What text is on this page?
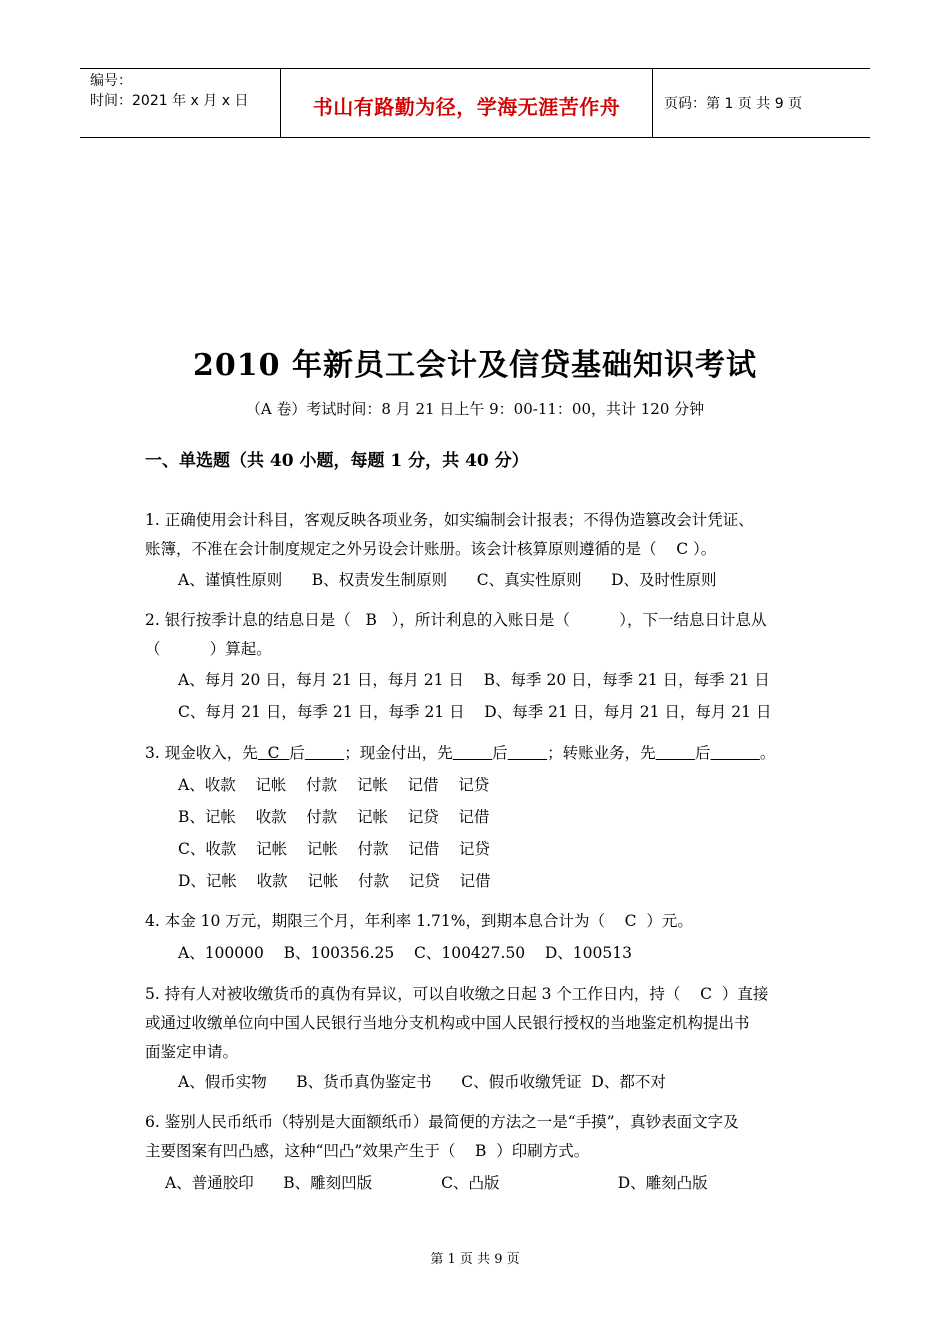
编号：
时间：2021 年 x 月 x 日	书山有路勤为径，学海无涯苦作舟	页码：第 1 页 共 9 页
2010 年新员工会计及信贷基础知识考试
（A 卷）考试时间：8 月 21 日上午 9：00-11：00，共计 120 分钟
一、单选题（共 40 小题，每题 1 分，共 40 分）
1. 正确使用会计科目，客观反映各项业务，如实编制会计报表；不得伪造篡改会计凭证、
账簿，不准在会计制度规定之外另设会计账册。该会计核算原则遵循的是（    C ）。
A、谨慎性原则      B、权责发生制原则      C、真实性原则      D、及时性原则
2. 银行按季计息的结息日是（   B   ），所计利息的入账日是（          ），下一结息日计息从
（          ）算起。
A、每月 20 日，每月 21 日，每月 21 日    B、每季 20 日，每季 21 日，每季 21 日
C、每月 21 日，每季 21 日，每季 21 日    D、每季 21 日，每月 21 日，每月 21 日
3. 现金收入，先  C  后	；现金付出，先	后	；转账业务，先	后	。
A、收款    记帐    付款    记帐    记借    记贷
B、记帐    收款    付款    记帐    记贷    记借
C、收款    记帐    记帐    付款    记借    记贷
D、记帐    收款    记帐    付款    记贷    记借
4. 本金 10 万元，期限三个月，年利率 1.71%，到期本息合计为（    C  ）元。
A、100000    B、100356.25    C、100427.50    D、100513
5. 持有人对被收缴货币的真伪有异议，可以自收缴之日起 3 个工作日内，持（    C  ）直接
或通过收缴单位向中国人民银行当地分支机构或中国人民银行授权的当地鉴定机构提出书
面鉴定申请。
A、假币实物      B、货币真伪鉴定书      C、假币收缴凭证  D、都不对
6. 鉴别人民币纸币（特别是大面额纸币）最简便的方法之一是“手摸”，真钞表面文字及
主要图案有凹凸感，这种“凹凸”效果产生于（    B  ）印刷方式。
A、普通胶印      B、雕刻凹版              C、凸版                        D、雕刻凸版
第 1 页 共 9 页
